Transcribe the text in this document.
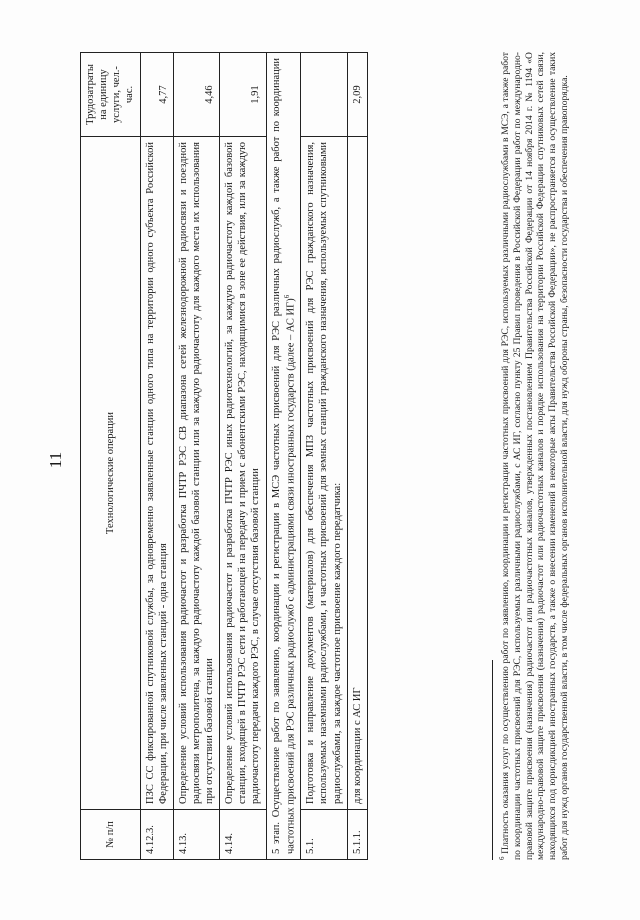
11
№ п/п	Технологические операции	Трудозатраты на единицу услуги, чел.-час.
4.12.3.	ПЗС СС фиксированной спутниковой службы, за одновременно заявленные станции одного типа на территории одного субъекта Российской Федерации, при числе заявленных станций - одна станция	4,77
4.13.	Определение условий использования радиочастот и разработка ПЧТР РЭС СВ диапазона сетей железнодорожной радиосвязи и поездной радиосвязи метрополитена, за каждую радиочастоту каждой базовой станции или за каждую радиочастоту для каждого места их использования при отсутствии базовой станции	4,46
4.14.	Определение условий использования радиочастот и разработка ПЧТР РЭС иных радиотехнологий, за каждую радиочастоту каждой базовой станции, входящей в ПЧТР РЭС сети и работающей на передачу и прием с абонентскими РЭС, находящимися в зоне ее действия, или за каждую радиочастоту передачи каждого РЭС, в случае отсутствия базовой станции	1,91
5 этап. Осуществление работ по заявлению, координации и регистрации в МСЭ частотных присвоений для РЭС различных радиослужб, а также работ по координации частотных присвоений для РЭС различных радиослужб с администрациями связи иностранных государств (далее – АС ИГ)$^6$
5.1.	Подготовка и направление документов (материалов) для обеспечения МПЗ частотных присвоений для РЭС гражданского назначения, используемых наземными радиослужбами, и частотных присвоений для земных станций гражданского назначения, используемых спутниковыми радиослужбами, за каждое частотное присвоение каждого передатчика:	
5.1.1.	для координации с АС ИГ	2,09
$^6$ Платность оказания услуг по осуществлению работ по заявлению, координации и регистрации частотных присвоений для РЭС, используемых различными радиослужбами в МСЭ, а также работ по координации частотных присвоений для РЭС, используемых различными радиослужбами, с АС ИГ, согласно пункту 25 Правил проведения в Российской Федерации работ по международно-правовой защите присвоения (назначения) радиочастот или радиочастотных каналов, утвержденных постановлением Правительства Российской Федерации от 14 ноября 2014 г. № 1194 «О международно-правовой защите присвоения (назначения) радиочастот или радиочастотных каналов и порядке использования на территории Российской Федерации спутниковых сетей связи, находящихся под юрисдикцией иностранных государств, а также о внесении изменений в некоторые акты Правительства Российской Федерации», не распространяется на осуществление таких работ для нужд органов государственной власти, в том числе федеральных органов исполнительной власти, для нужд обороны страны, безопасности государства и обеспечения правопорядка.
